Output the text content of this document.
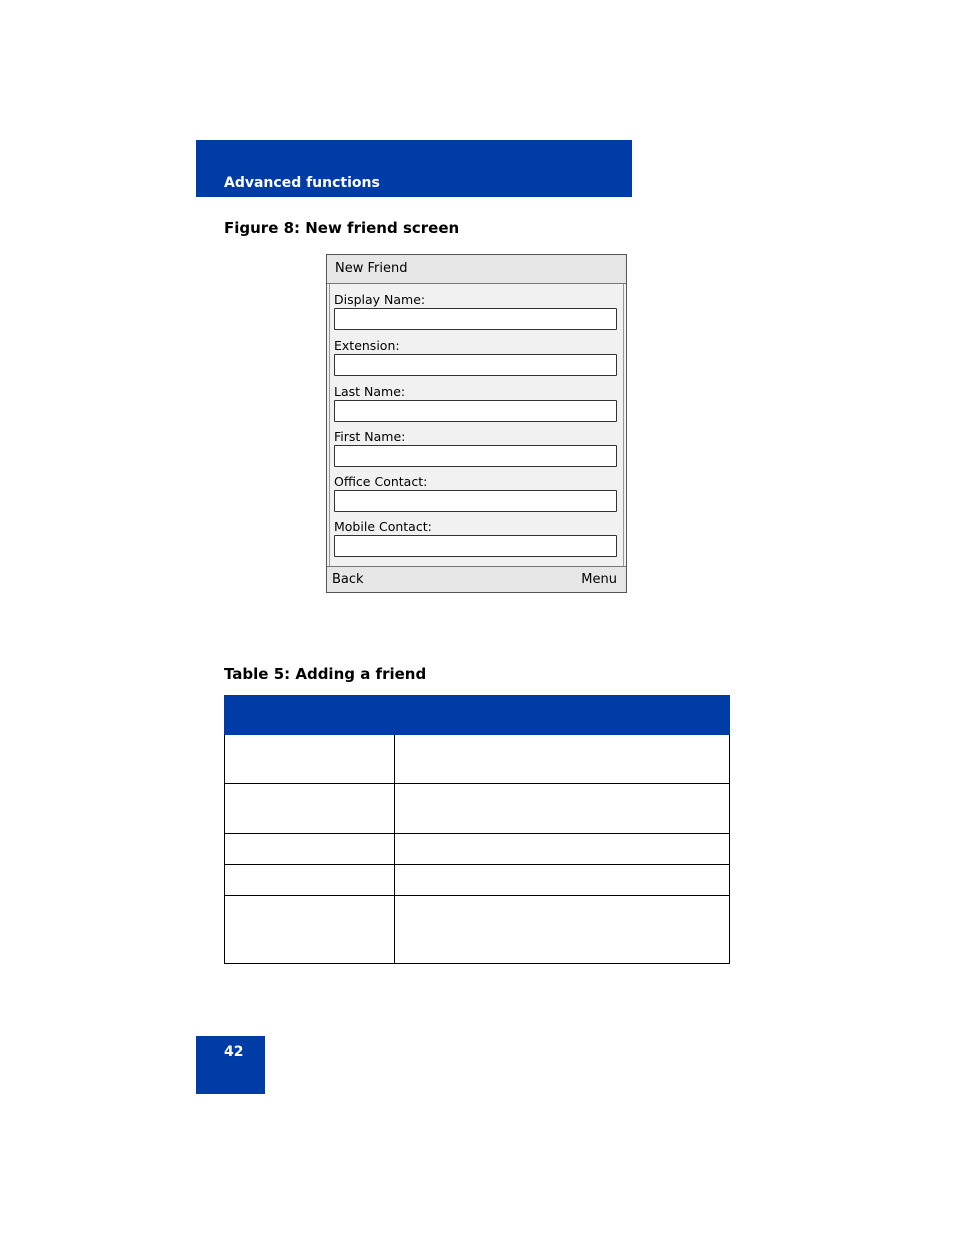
Advanced functions
Figure 8: New friend screen
New Friend
Display Name:
Extension:
Last Name:
First Name:
Office Contact:
Mobile Contact:
Back	Menu
Table 5: Adding a friend

42
